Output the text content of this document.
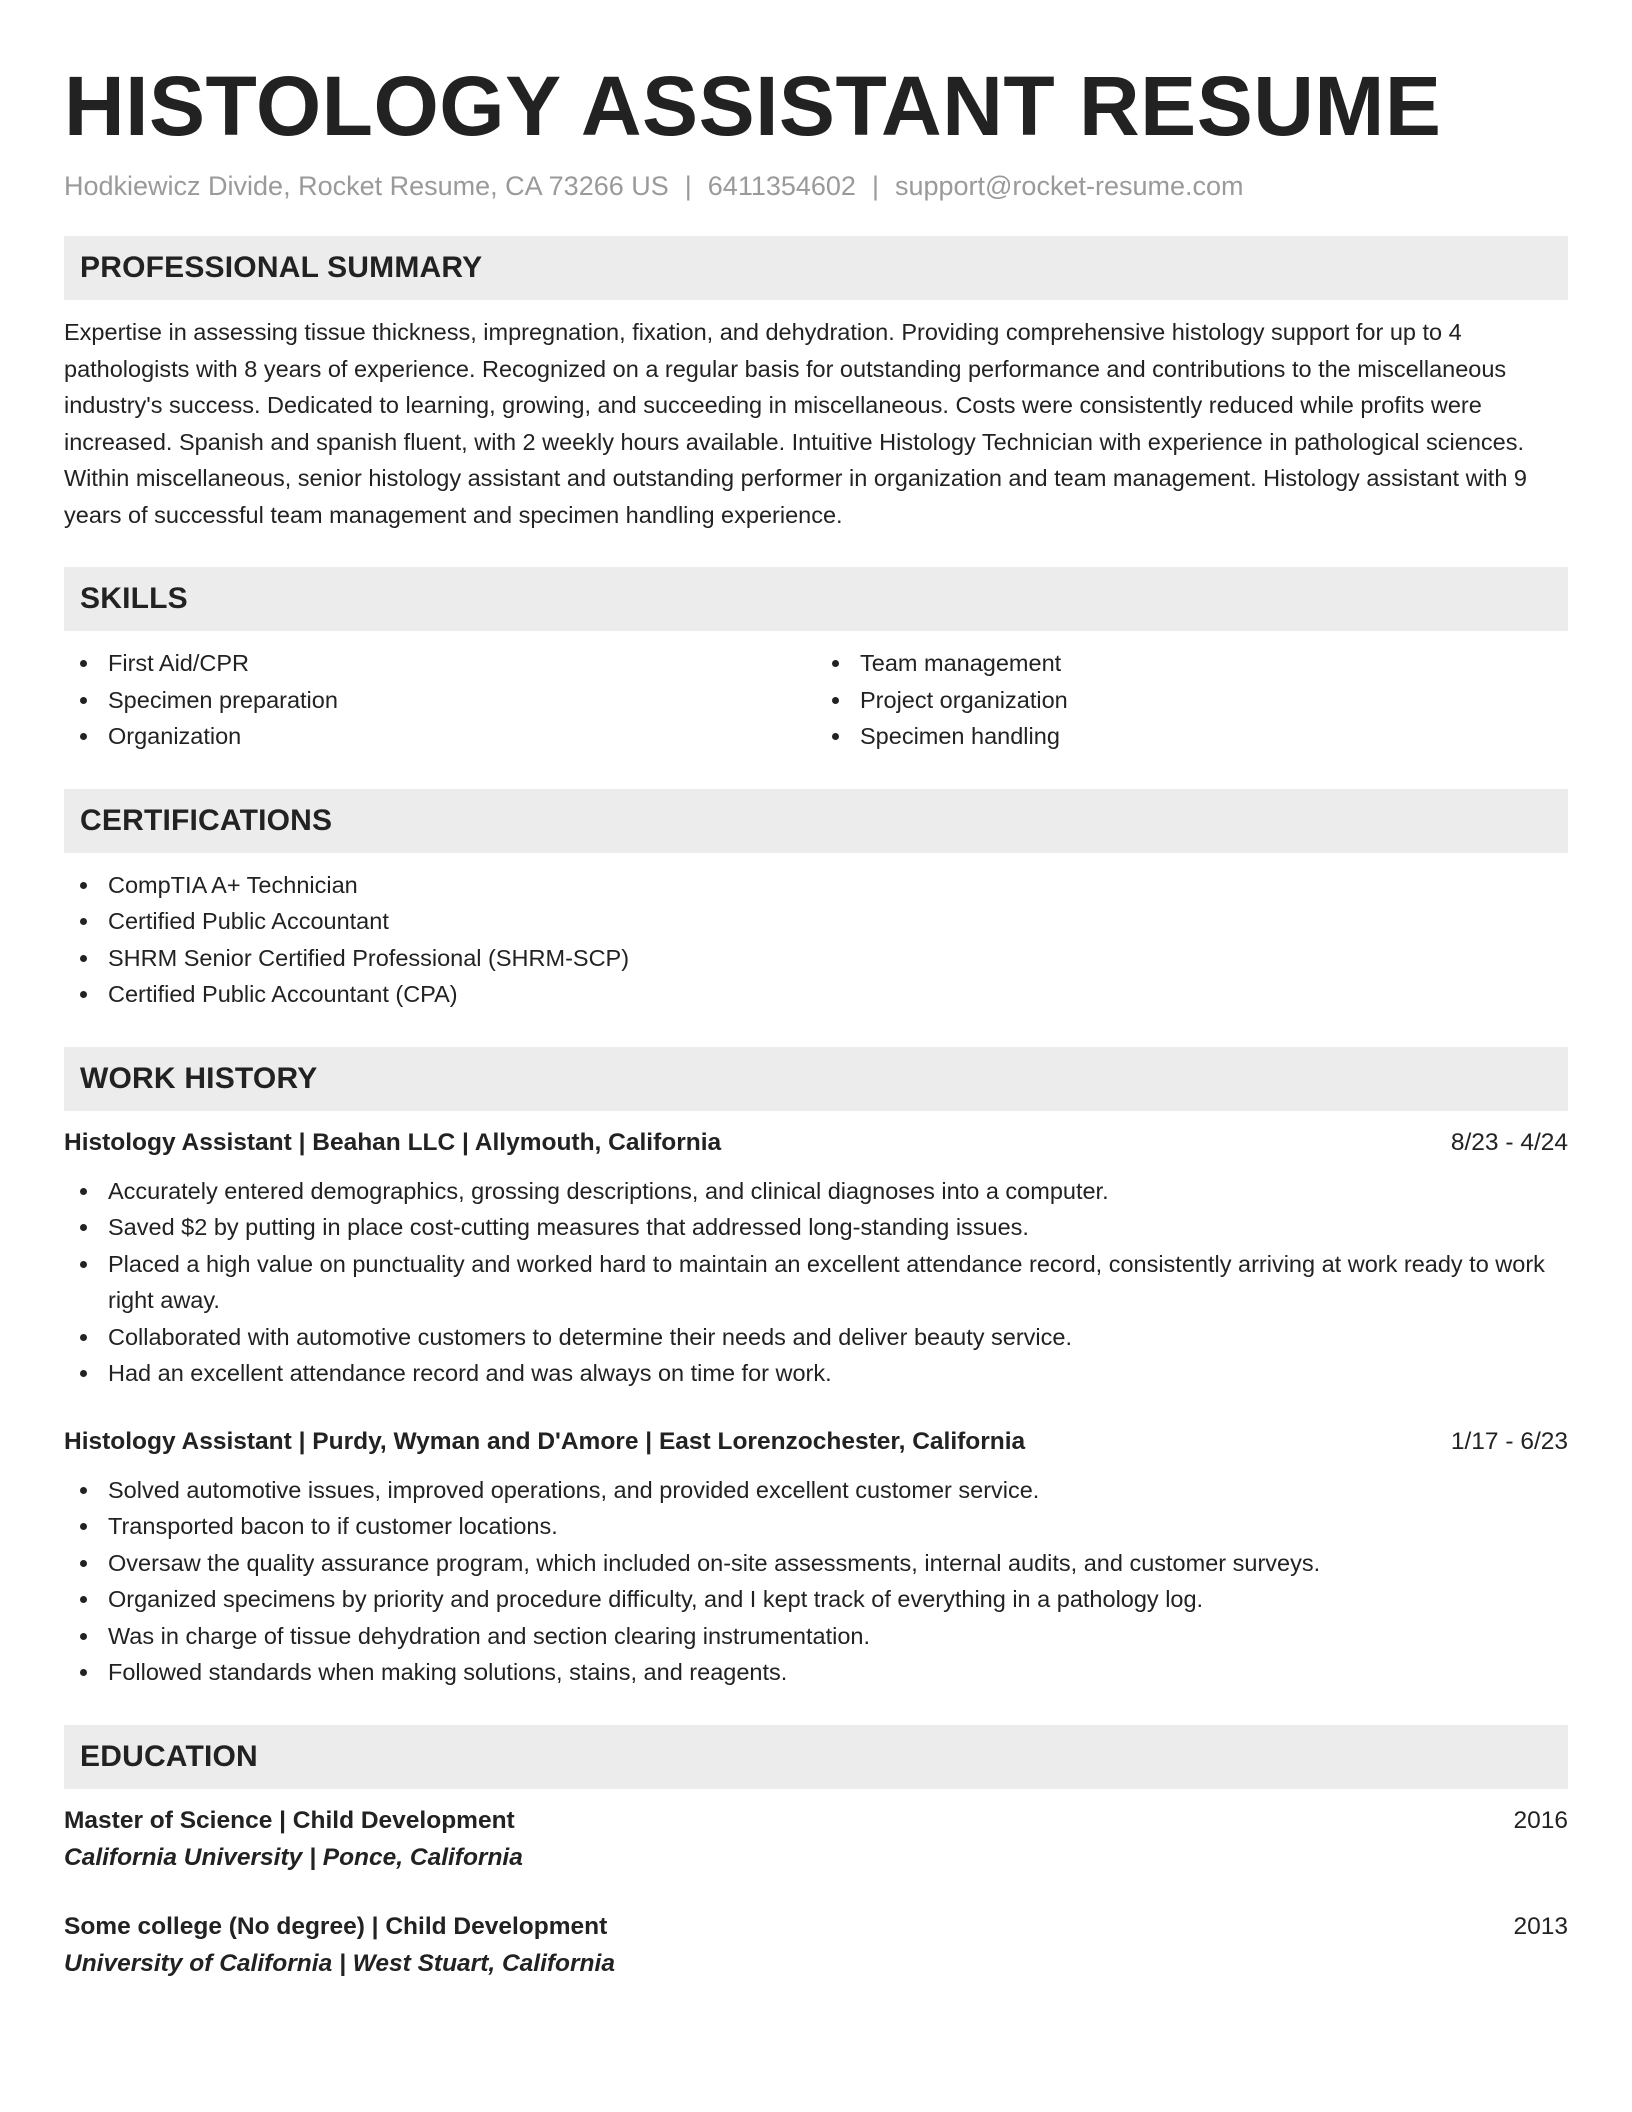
HISTOLOGY ASSISTANT RESUME
Hodkiewicz Divide, Rocket Resume, CA 73266 US | 6411354602 | support@rocket-resume.com
PROFESSIONAL SUMMARY

Expertise in assessing tissue thickness, impregnation, fixation, and dehydration. Providing comprehensive histology support for up to 4 pathologists with 8 years of experience. Recognized on a regular basis for outstanding performance and contributions to the miscellaneous industry's success. Dedicated to learning, growing, and succeeding in miscellaneous. Costs were consistently reduced while profits were increased. Spanish and spanish fluent, with 2 weekly hours available. Intuitive Histology Technician with experience in pathological sciences. Within miscellaneous, senior histology assistant and outstanding performer in organization and team management. Histology assistant with 9 years of successful team management and specimen handling experience.

SKILLS
First Aid/CPR
Specimen preparation
Organization
Team management
Project organization
Specimen handling
CERTIFICATIONS
CompTIA A+ Technician
Certified Public Accountant
SHRM Senior Certified Professional (SHRM-SCP)
Certified Public Accountant (CPA)
WORK HISTORY
Histology Assistant | Beahan LLC | Allymouth, California	8/23 - 4/24
Accurately entered demographics, grossing descriptions, and clinical diagnoses into a computer.
Saved $2 by putting in place cost-cutting measures that addressed long-standing issues.
Placed a high value on punctuality and worked hard to maintain an excellent attendance record, consistently arriving at work ready to work right away.
Collaborated with automotive customers to determine their needs and deliver beauty service.
Had an excellent attendance record and was always on time for work.
Histology Assistant | Purdy, Wyman and D'Amore | East Lorenzochester, California	1/17 - 6/23
Solved automotive issues, improved operations, and provided excellent customer service.
Transported bacon to if customer locations.
Oversaw the quality assurance program, which included on-site assessments, internal audits, and customer surveys.
Organized specimens by priority and procedure difficulty, and I kept track of everything in a pathology log.
Was in charge of tissue dehydration and section clearing instrumentation.
Followed standards when making solutions, stains, and reagents.
EDUCATION
Master of Science | Child Development	2016
California University | Ponce, California
Some college (No degree) | Child Development	2013
University of California | West Stuart, California
